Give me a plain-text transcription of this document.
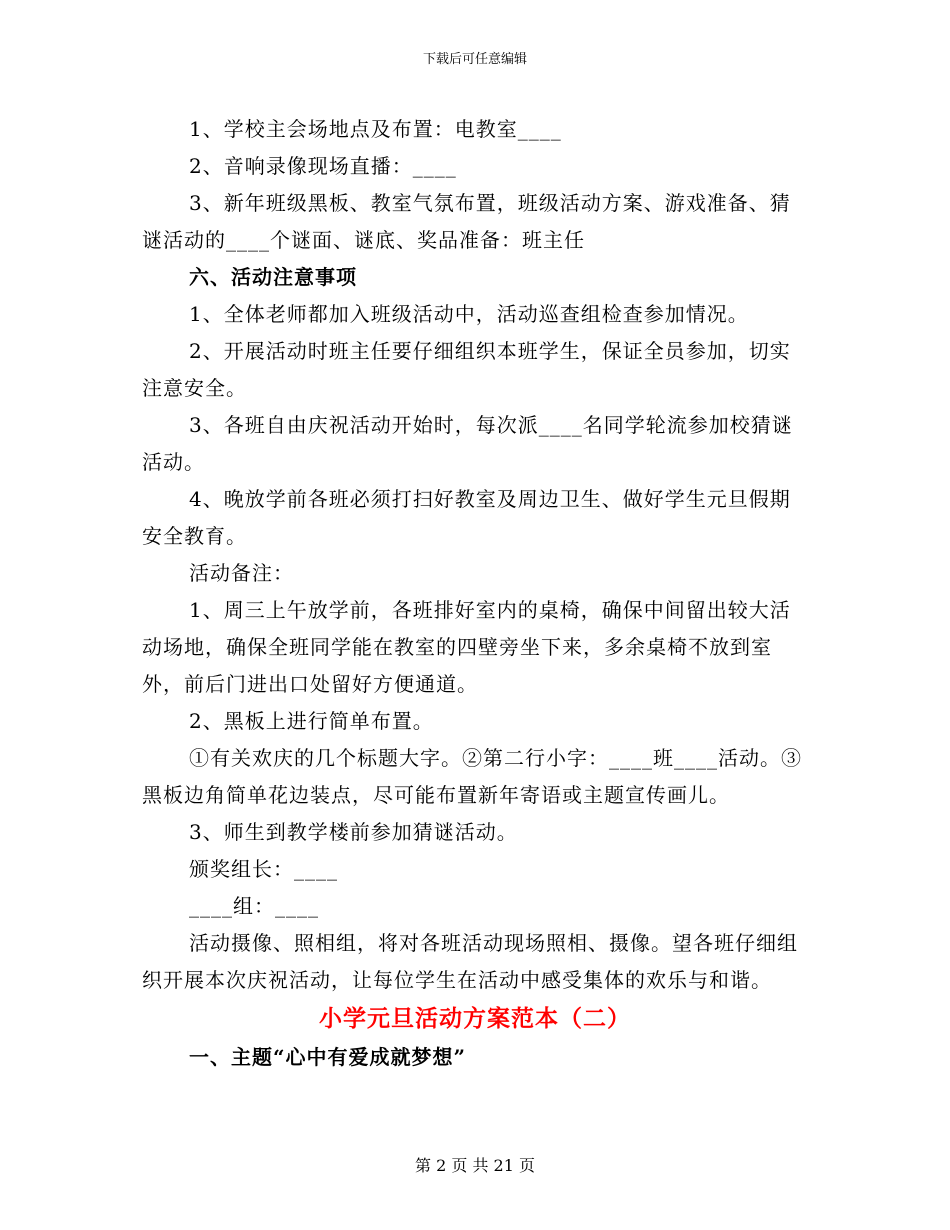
下载后可任意编辑
1、学校主会场地点及布置：电教室____
2、音响录像现场直播：____
3、新年班级黑板、教室气氛布置，班级活动方案、游戏准备、猜谜活动的____个谜面、谜底、奖品准备：班主任
六、活动注意事项
1、全体老师都加入班级活动中，活动巡查组检查参加情况。
2、开展活动时班主任要仔细组织本班学生，保证全员参加，切实注意安全。
3、各班自由庆祝活动开始时，每次派____名同学轮流参加校猜谜活动。
4、晚放学前各班必须打扫好教室及周边卫生、做好学生元旦假期安全教育。
活动备注：
1、周三上午放学前，各班排好室内的桌椅，确保中间留出较大活动场地，确保全班同学能在教室的四壁旁坐下来，多余桌椅不放到室外，前后门进出口处留好方便通道。
2、黑板上进行简单布置。
①有关欢庆的几个标题大字。②第二行小字：____班____活动。③黑板边角简单花边装点，尽可能布置新年寄语或主题宣传画儿。
3、师生到教学楼前参加猜谜活动。
颁奖组长：____
____组：____
活动摄像、照相组，将对各班活动现场照相、摄像。望各班仔细组织开展本次庆祝活动，让每位学生在活动中感受集体的欢乐与和谐。
小学元旦活动方案范本（二）
一、主题“心中有爱成就梦想”
第 2 页 共 21 页
